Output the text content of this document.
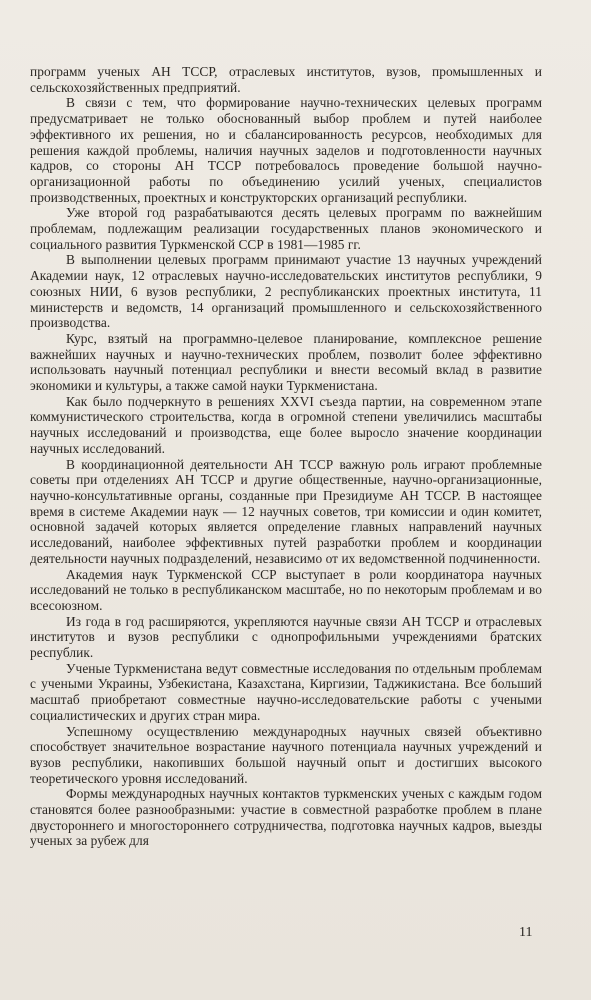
программ ученых АН ТССР, отраслевых институтов, вузов, промышленных и сельскохозяйственных предприятий.

В связи с тем, что формирование научно-технических целевых программ предусматривает не только обоснованный выбор проблем и путей наиболее эффективного их решения, но и сбалансированность ресурсов, необходимых для решения каждой проблемы, наличия научных заделов и подготовленности научных кадров, со стороны АН ТССР потребовалось проведение большой научно-организационной работы по объединению усилий ученых, специалистов производственных, проектных и конструкторских организаций республики.

Уже второй год разрабатываются десять целевых программ по важнейшим проблемам, подлежащим реализации государственных планов экономического и социального развития Туркменской ССР в 1981—1985 гг.

В выполнении целевых программ принимают участие 13 научных учреждений Академии наук, 12 отраслевых научно-исследовательских институтов республики, 9 союзных НИИ, 6 вузов республики, 2 республиканских проектных института, 11 министерств и ведомств, 14 организаций промышленного и сельскохозяйственного производства.

Курс, взятый на программно-целевое планирование, комплексное решение важнейших научных и научно-технических проблем, позволит более эффективно использовать научный потенциал республики и внести весомый вклад в развитие экономики и культуры, а также самой науки Туркменистана.

Как было подчеркнуто в решениях XXVI съезда партии, на современном этапе коммунистического строительства, когда в огромной степени увеличились масштабы научных исследований и производства, еще более выросло значение координации научных исследований.

В координационной деятельности АН ТССР важную роль играют проблемные советы при отделениях АН ТССР и другие общественные, научно-организационные, научно-консультативные органы, созданные при Президиуме АН ТССР. В настоящее время в системе Академии наук — 12 научных советов, три комиссии и один комитет, основной задачей которых является определение главных направлений научных исследований, наиболее эффективных путей разработки проблем и координации деятельности научных подразделений, независимо от их ведомственной подчиненности.

Академия наук Туркменской ССР выступает в роли координатора научных исследований не только в республиканском масштабе, но по некоторым проблемам и во всесоюзном.

Из года в год расширяются, укрепляются научные связи АН ТССР и отраслевых институтов и вузов республики с однопрофильными учреждениями братских республик.

Ученые Туркменистана ведут совместные исследования по отдельным проблемам с учеными Украины, Узбекистана, Казахстана, Киргизии, Таджикистана. Все больший масштаб приобретают совместные научно-исследовательские работы с учеными социалистических и других стран мира.

Успешному осуществлению международных научных связей объективно способствует значительное возрастание научного потенциала научных учреждений и вузов республики, накопивших большой научный опыт и достигших высокого теоретического уровня исследований.

Формы международных научных контактов туркменских ученых с каждым годом становятся более разнообразными: участие в совместной разработке проблем в плане двустороннего и многостороннего сотрудничества, подготовка научных кадров, выезды ученых за рубеж для

11
